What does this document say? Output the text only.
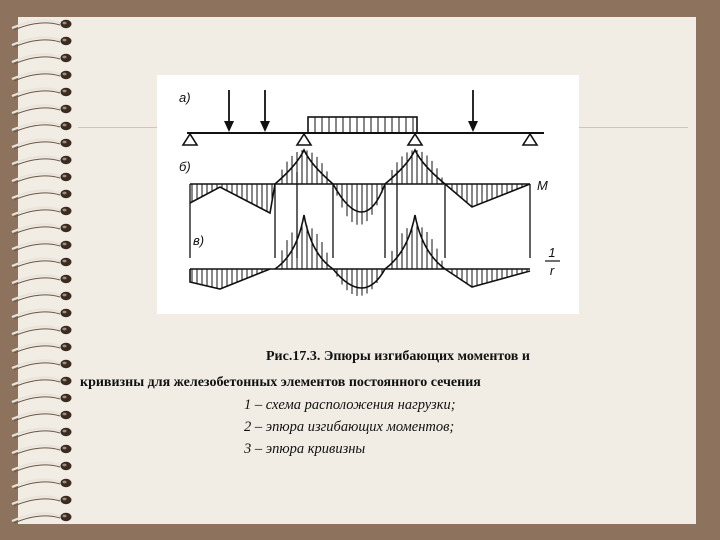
а)
б)
M
в)
1
r
Рис.17.3. Эпюры изгибающих моментов и
кривизны для железобетонных элементов постоянного сечения
1 – схема расположения нагрузки;
2 – эпюра изгибающих моментов;
3 – эпюра кривизны
